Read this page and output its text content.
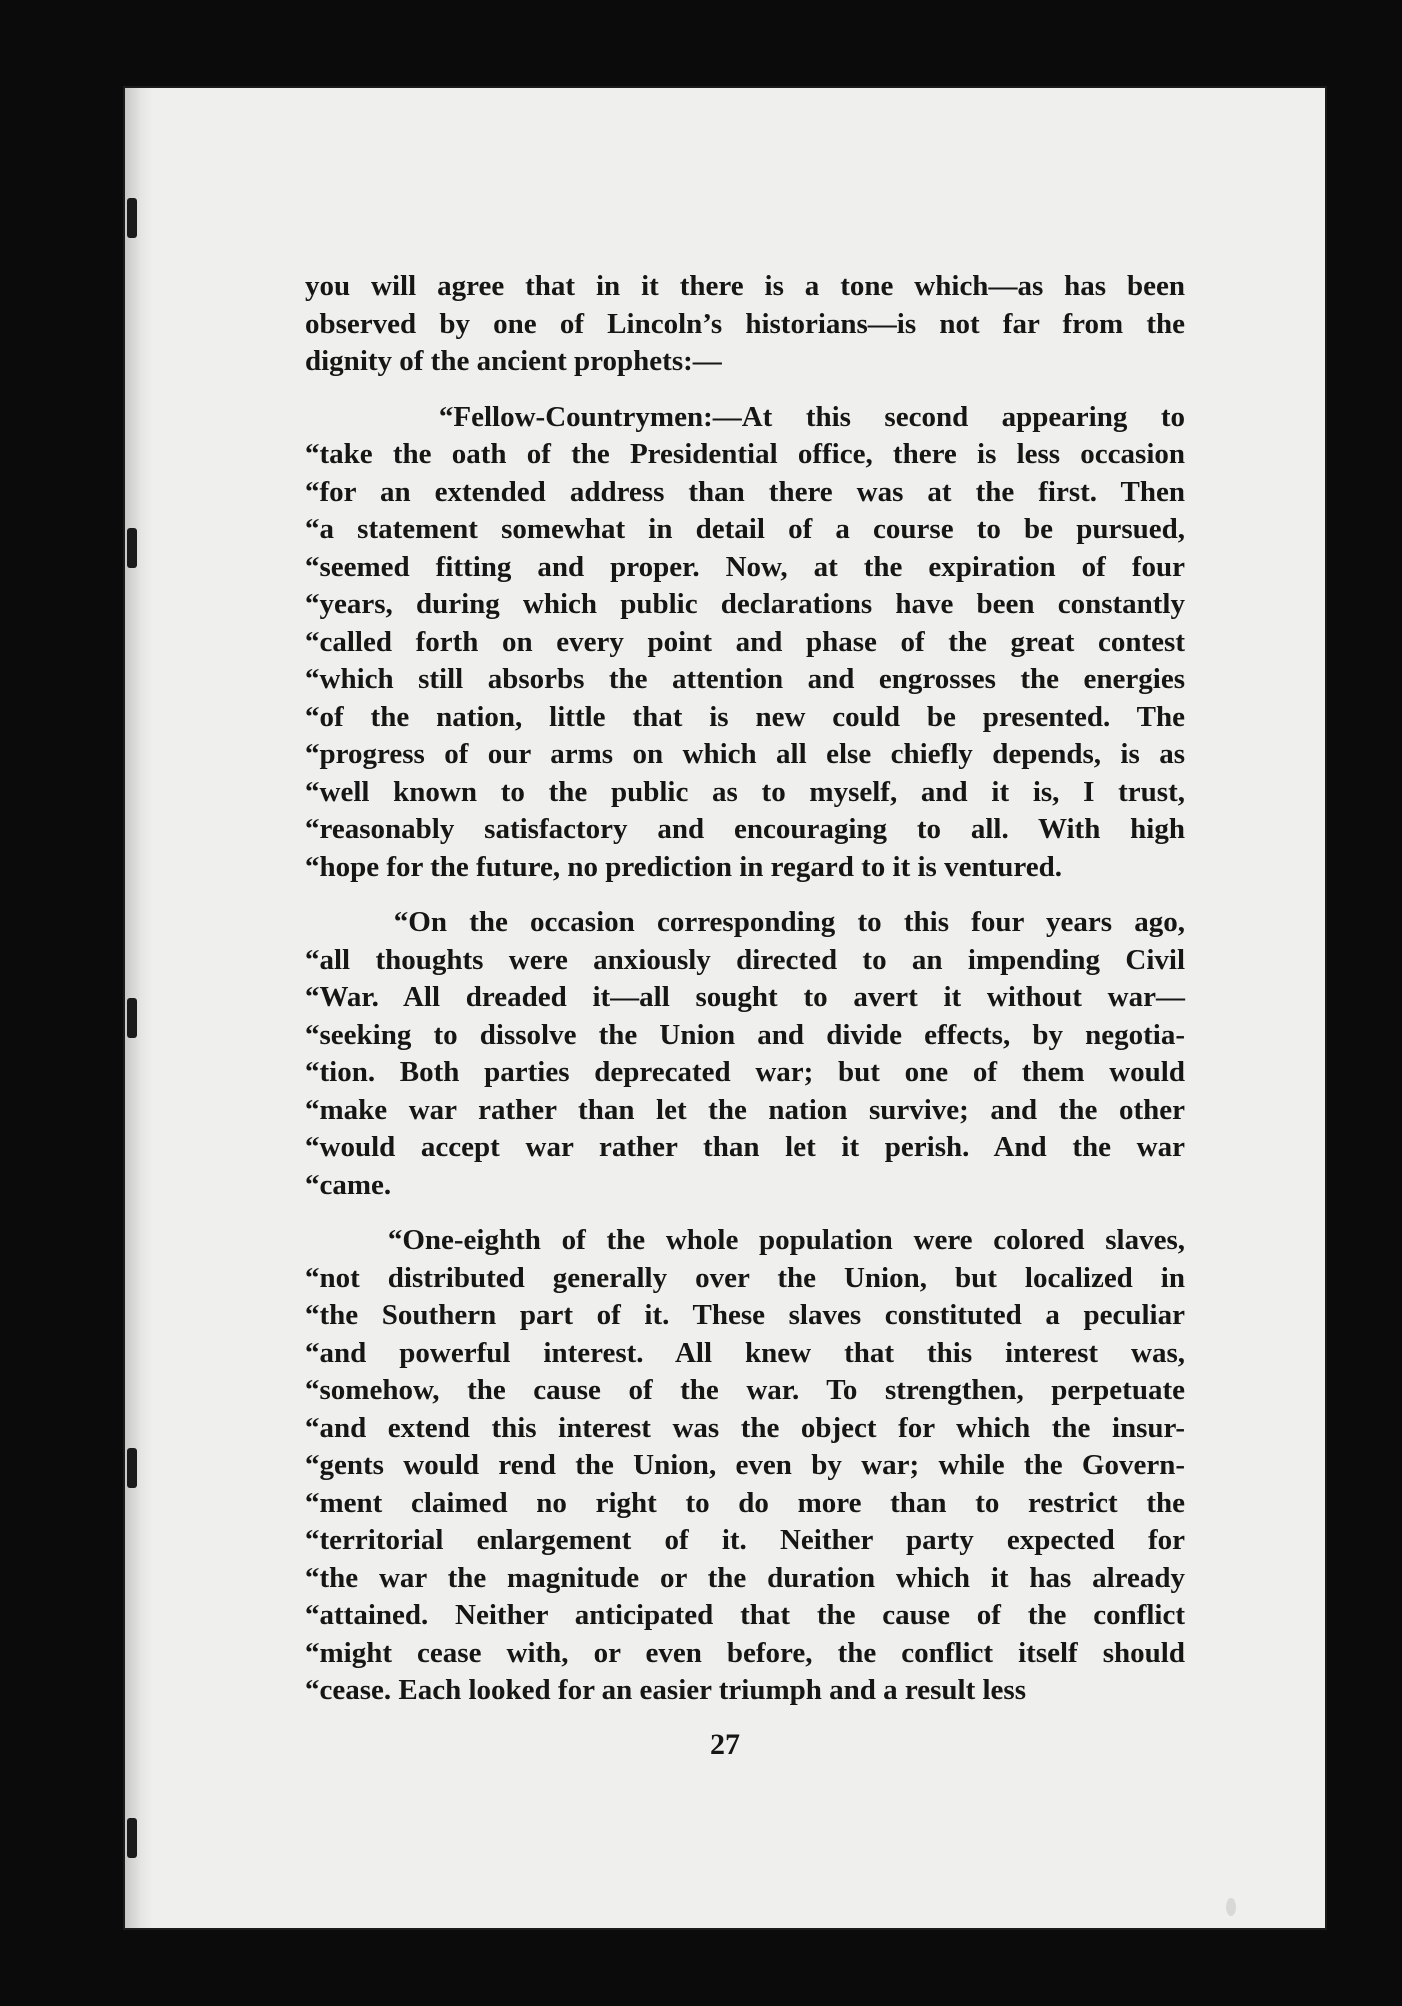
you will agree that in it there is a tone which—as has been
observed by one of Lincoln’s historians—is not far from the
dignity of the ancient prophets:—
“Fellow-Countrymen:—At this second appearing to
“take the oath of the Presidential office, there is less occasion
“for an extended address than there was at the first. Then
“a statement somewhat in detail of a course to be pursued,
“seemed fitting and proper. Now, at the expiration of four
“years, during which public declarations have been constantly
“called forth on every point and phase of the great contest
“which still absorbs the attention and engrosses the energies
“of the nation, little that is new could be presented. The
“progress of our arms on which all else chiefly depends, is as
“well known to the public as to myself, and it is, I trust,
“reasonably satisfactory and encouraging to all. With high
“hope for the future, no prediction in regard to it is ventured.
“On the occasion corresponding to this four years ago,
“all thoughts were anxiously directed to an impending Civil
“War. All dreaded it—all sought to avert it without war—
“seeking to dissolve the Union and divide effects, by negotia-
“tion. Both parties deprecated war; but one of them would
“make war rather than let the nation survive; and the other
“would accept war rather than let it perish. And the war
“came.
“One-eighth of the whole population were colored slaves,
“not distributed generally over the Union, but localized in
“the Southern part of it. These slaves constituted a peculiar
“and powerful interest. All knew that this interest was,
“somehow, the cause of the war. To strengthen, perpetuate
“and extend this interest was the object for which the insur-
“gents would rend the Union, even by war; while the Govern-
“ment claimed no right to do more than to restrict the
“territorial enlargement of it. Neither party expected for
“the war the magnitude or the duration which it has already
“attained. Neither anticipated that the cause of the conflict
“might cease with, or even before, the conflict itself should
“cease. Each looked for an easier triumph and a result less
27
